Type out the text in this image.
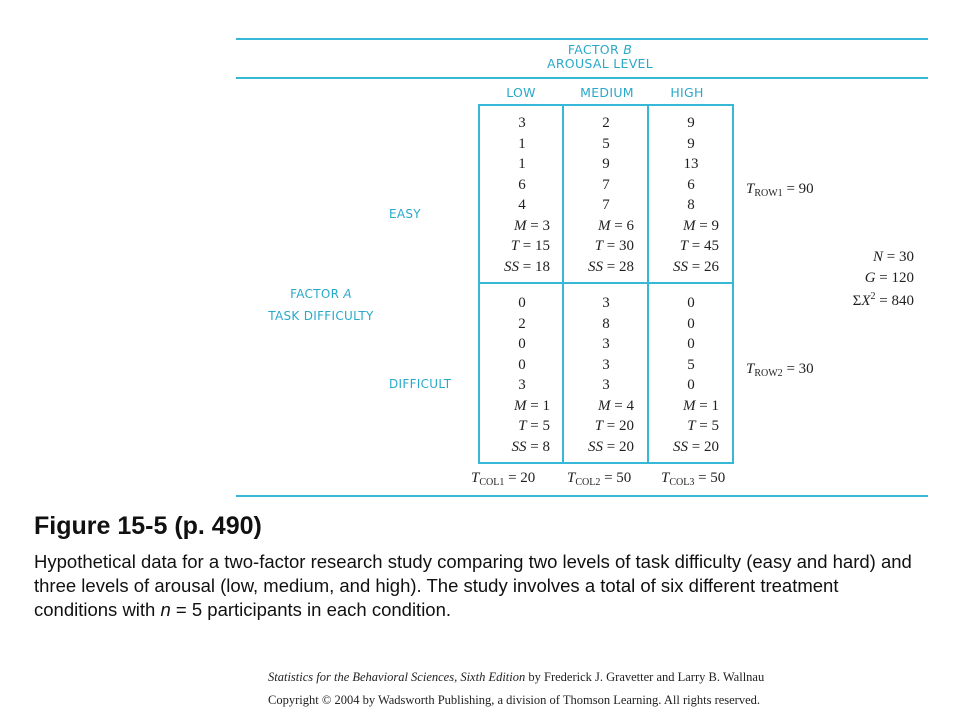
FACTOR B
AROUSAL LEVEL
LOW	MEDIUM	HIGH
EASY
FACTOR A
TASK DIFFICULTY
DIFFICULT
3
1
1
6
4
M = 3
T = 15
SS = 18
2
5
9
7
7
M = 6
T = 30
SS = 28
9
9
13
6
8
M = 9
T = 45
SS = 26
0
2
0
0
3
M = 1
T = 5
SS = 8
3
8
3
3
3
M = 4
T = 20
SS = 20
0
0
0
5
0
M = 1
T = 5
SS = 20
$T_{ROW1} = 90$
$T_{ROW2} = 30$
N = 30
G = 120
$\Sigma X^2 = 840$
$T_{COL1} = 20$ $T_{COL2} = 50$ $T_{COL3} = 50$
Figure 15-5 (p. 490)
Hypothetical data for a two-factor research study comparing two levels of task difficulty (easy and hard) and three levels of arousal (low, medium, and high). The study involves a total of six different treatment conditions with n = 5 participants in each condition.
Statistics for the Behavioral Sciences, Sixth Edition by Frederick J. Gravetter and Larry B. Wallnau
Copyright © 2004 by Wadsworth Publishing, a division of Thomson Learning. All rights reserved.
